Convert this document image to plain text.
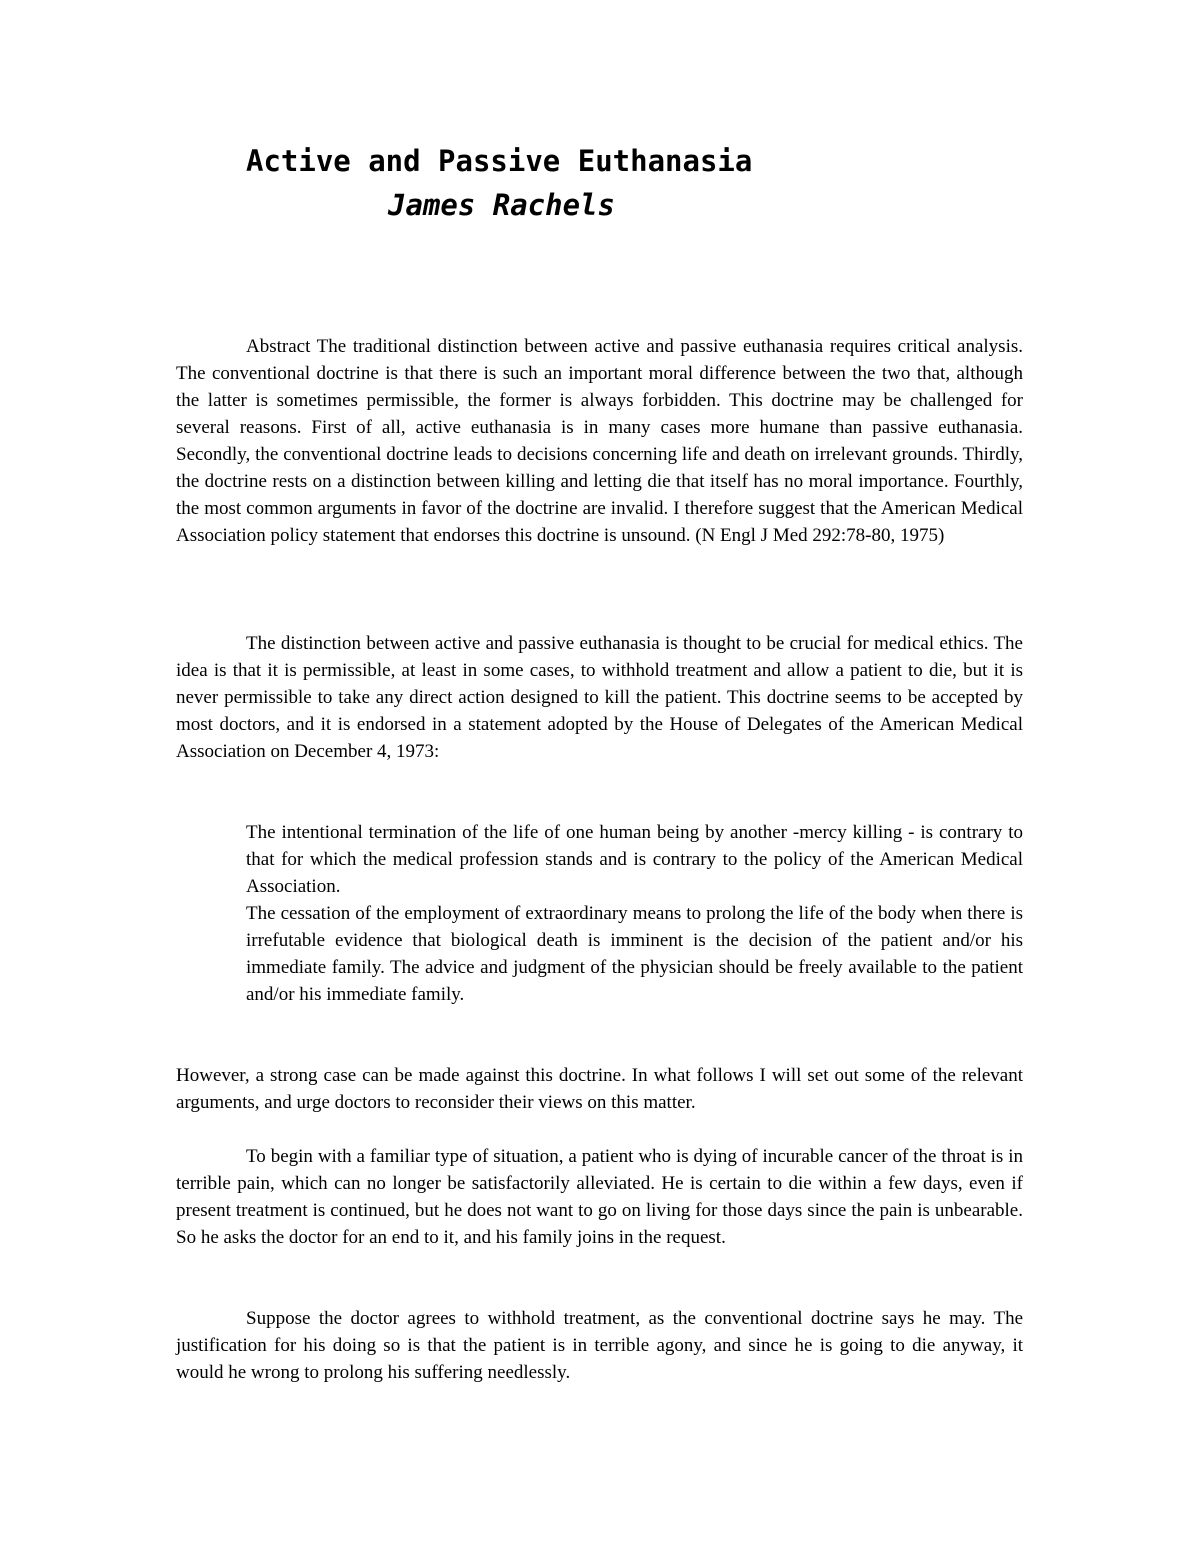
Active and Passive Euthanasia
James Rachels

Abstract The traditional distinction between active and passive euthanasia requires critical analysis. The conventional doctrine is that there is such an important moral difference between the two that, although the latter is sometimes permissible, the former is always forbidden. This doctrine may be challenged for several reasons. First of all, active euthanasia is in many cases more humane than passive euthanasia. Secondly, the conventional doctrine leads to decisions concerning life and death on irrelevant grounds. Thirdly, the doctrine rests on a distinction between killing and letting die that itself has no moral importance. Fourthly, the most common arguments in favor of the doctrine are invalid. I therefore suggest that the American Medical Association policy statement that endorses this doctrine is unsound. (N Engl J Med 292:78-80, 1975)

The distinction between active and passive euthanasia is thought to be crucial for medical ethics. The idea is that it is permissible, at least in some cases, to withhold treatment and allow a patient to die, but it is never permissible to take any direct action designed to kill the patient. This doctrine seems to be accepted by most doctors, and it is endorsed in a statement adopted by the House of Delegates of the American Medical Association on December 4, 1973:

The intentional termination of the life of one human being by another -mercy killing - is contrary to that for which the medical profession stands and is contrary to the policy of the American Medical Association.

The cessation of the employment of extraordinary means to prolong the life of the body when there is irrefutable evidence that biological death is imminent is the decision of the patient and/or his immediate family. The advice and judgment of the physician should be freely available to the patient and/or his immediate family.

However, a strong case can be made against this doctrine. In what follows I will set out some of the relevant arguments, and urge doctors to reconsider their views on this matter.

To begin with a familiar type of situation, a patient who is dying of incurable cancer of the throat is in terrible pain, which can no longer be satisfactorily alleviated. He is certain to die within a few days, even if present treatment is continued, but he does not want to go on living for those days since the pain is unbearable. So he asks the doctor for an end to it, and his family joins in the request.

Suppose the doctor agrees to withhold treatment, as the conventional doctrine says he may. The justification for his doing so is that the patient is in terrible agony, and since he is going to die anyway, it would he wrong to prolong his suffering needlessly.
